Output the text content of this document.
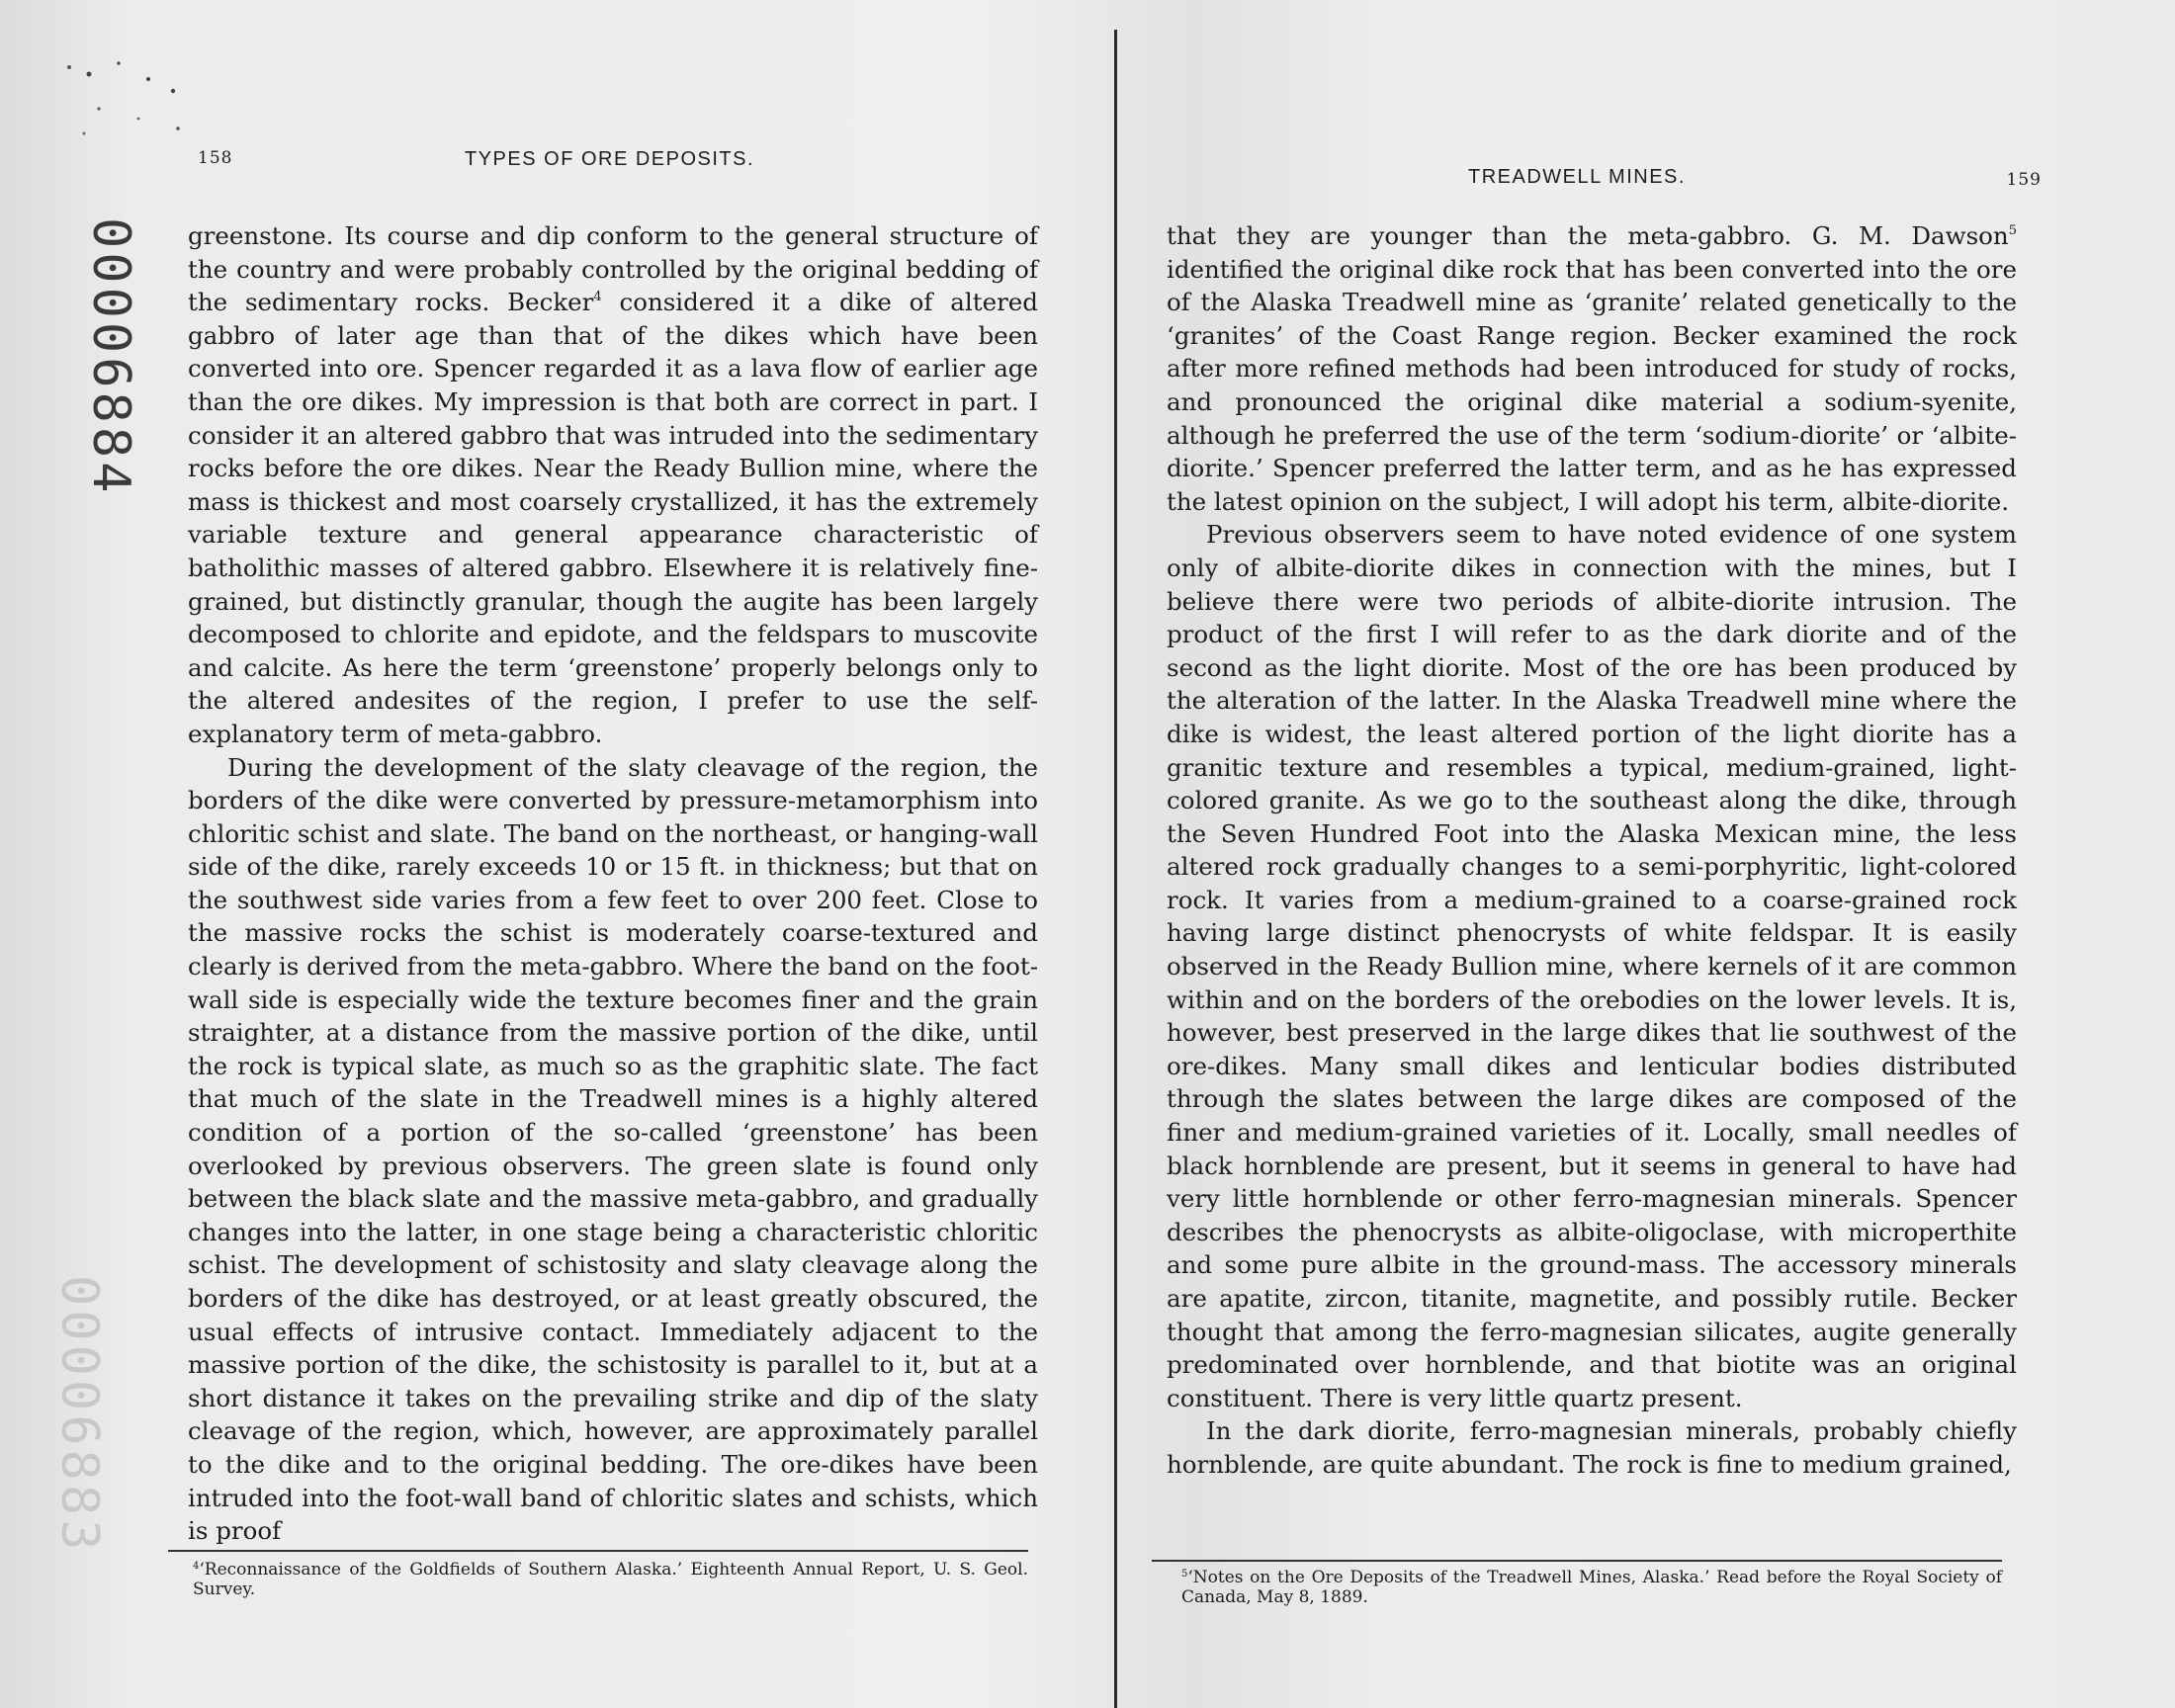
00006884
00006883
158	TYPES OF ORE DEPOSITS.

greenstone. Its course and dip conform to the general structure of the country and were probably controlled by the original bedding of the sedimentary rocks. Becker$^4$ considered it a dike of altered gabbro of later age than that of the dikes which have been converted into ore. Spencer regarded it as a lava flow of earlier age than the ore dikes. My impression is that both are correct in part. I consider it an altered gabbro that was intruded into the sedimentary rocks before the ore dikes. Near the Ready Bullion mine, where the mass is thickest and most coarsely crystallized, it has the extremely variable texture and general appearance characteristic of batholithic masses of altered gabbro. Elsewhere it is relatively fine-grained, but distinctly granular, though the augite has been largely decomposed to chlorite and epidote, and the feldspars to muscovite and calcite. As here the term ‘greenstone’ properly belongs only to the altered andesites of the region, I prefer to use the self-explanatory term of meta-gabbro.

During the development of the slaty cleavage of the region, the borders of the dike were converted by pressure-metamorphism into chloritic schist and slate. The band on the northeast, or hanging-wall side of the dike, rarely exceeds 10 or 15 ft. in thickness; but that on the southwest side varies from a few feet to over 200 feet. Close to the massive rocks the schist is moderately coarse-textured and clearly is derived from the meta-gabbro. Where the band on the foot-wall side is especially wide the texture becomes finer and the grain straighter, at a distance from the massive portion of the dike, until the rock is typical slate, as much so as the graphitic slate. The fact that much of the slate in the Treadwell mines is a highly altered condition of a portion of the so-called ‘greenstone’ has been overlooked by previous observers. The green slate is found only between the black slate and the massive meta-gabbro, and gradually changes into the latter, in one stage being a characteristic chloritic schist. The development of schistosity and slaty cleavage along the borders of the dike has destroyed, or at least greatly obscured, the usual effects of intrusive contact. Immediately adjacent to the massive portion of the dike, the schistosity is parallel to it, but at a short distance it takes on the prevailing strike and dip of the slaty cleavage of the region, which, however, are approximately parallel to the dike and to the original bedding. The ore-dikes have been intruded into the foot-wall band of chloritic slates and schists, which is proof

$^4$‘Reconnaissance of the Goldfields of Southern Alaska.’ Eighteenth Annual Report, U. S. Geol. Survey.
TREADWELL MINES.	159

that they are younger than the meta-gabbro. G. M. Dawson$^5$ identified the original dike rock that has been converted into the ore of the Alaska Treadwell mine as ‘granite’ related genetically to the ‘granites’ of the Coast Range region. Becker examined the rock after more refined methods had been introduced for study of rocks, and pronounced the original dike material a sodium-syenite, although he preferred the use of the term ‘sodium-diorite’ or ‘albite-diorite.’ Spencer preferred the latter term, and as he has expressed the latest opinion on the subject, I will adopt his term, albite-diorite.

Previous observers seem to have noted evidence of one system only of albite-diorite dikes in connection with the mines, but I believe there were two periods of albite-diorite intrusion. The product of the first I will refer to as the dark diorite and of the second as the light diorite. Most of the ore has been produced by the alteration of the latter. In the Alaska Treadwell mine where the dike is widest, the least altered portion of the light diorite has a granitic texture and resembles a typical, medium-grained, light-colored granite. As we go to the southeast along the dike, through the Seven Hundred Foot into the Alaska Mexican mine, the less altered rock gradually changes to a semi-porphyritic, light-colored rock. It varies from a medium-grained to a coarse-grained rock having large distinct phenocrysts of white feldspar. It is easily observed in the Ready Bullion mine, where kernels of it are common within and on the borders of the orebodies on the lower levels. It is, however, best preserved in the large dikes that lie southwest of the ore-dikes. Many small dikes and lenticular bodies distributed through the slates between the large dikes are composed of the finer and medium-grained varieties of it. Locally, small needles of black hornblende are present, but it seems in general to have had very little hornblende or other ferro-magnesian minerals. Spencer describes the phenocrysts as albite-oligoclase, with microperthite and some pure albite in the ground-mass. The accessory minerals are apatite, zircon, titanite, magnetite, and possibly rutile. Becker thought that among the ferro-magnesian silicates, augite generally predominated over hornblende, and that biotite was an original constituent. There is very little quartz present.

In the dark diorite, ferro-magnesian minerals, probably chiefly hornblende, are quite abundant. The rock is fine to medium grained,

$^5$‘Notes on the Ore Deposits of the Treadwell Mines, Alaska.’ Read before the Royal Society of Canada, May 8, 1889.
